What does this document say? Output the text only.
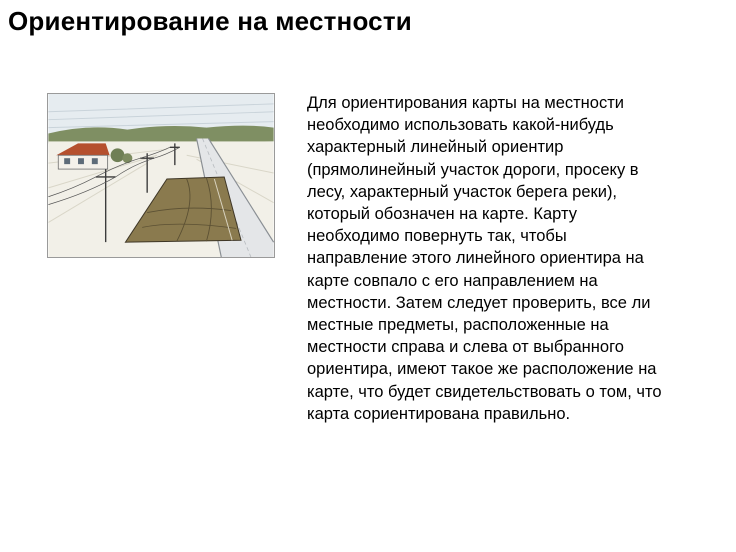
Ориентирование на местности

Для ориентирования карты на местности
необходимо использовать какой-нибудь
характерный линейный ориентир
(прямолинейный участок дороги, просеку в
лесу, характерный участок берега реки),
который обозначен на карте. Карту
необходимо повернуть так, чтобы
направление этого линейного ориентира на
карте совпало с его направлением на
местности. Затем следует проверить, все ли
местные предметы, расположенные на
местности справа и слева от выбранного
ориентира, имеют такое же расположение на
карте, что будет свидетельствовать о том, что
карта сориентирована правильно.
